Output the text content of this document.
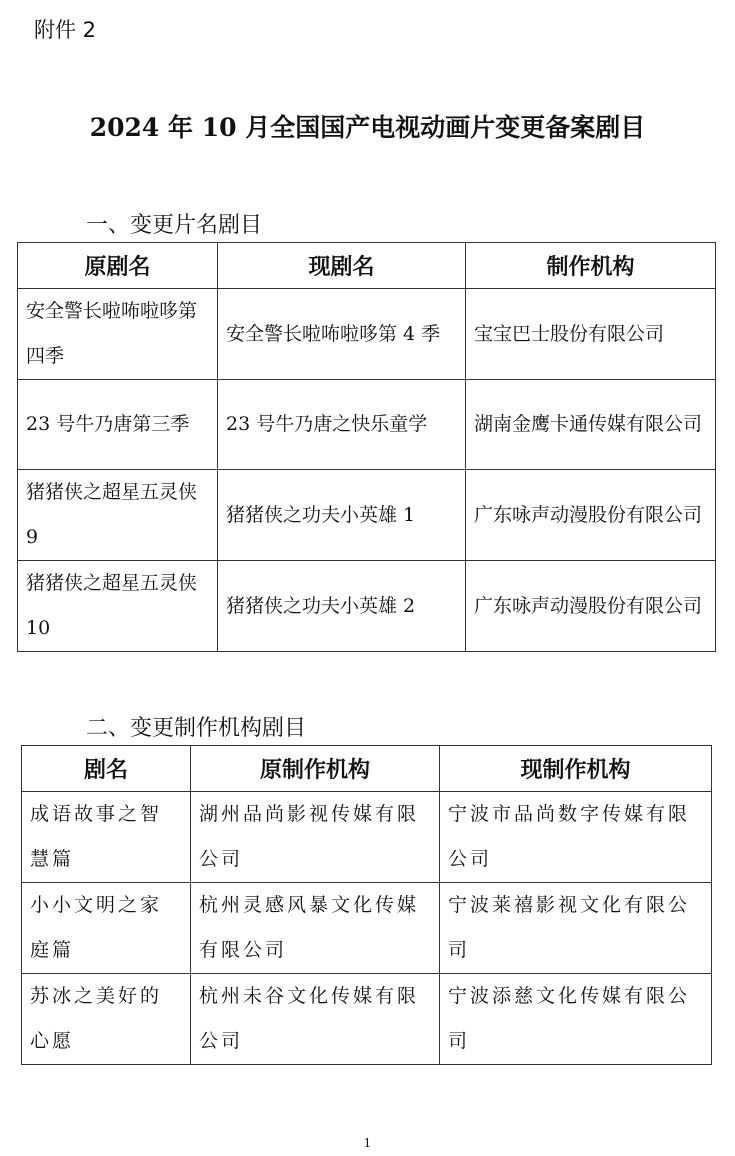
附件 2
2024 年 10 月全国国产电视动画片变更备案剧目
一、变更片名剧目
原剧名	现剧名	制作机构
安全警长啦咘啦哆第四季	安全警长啦咘啦哆第 4 季	宝宝巴士股份有限公司
23 号牛乃唐第三季	23 号牛乃唐之快乐童学	湖南金鹰卡通传媒有限公司
猪猪侠之超星五灵侠 9	猪猪侠之功夫小英雄 1	广东咏声动漫股份有限公司
猪猪侠之超星五灵侠 10	猪猪侠之功夫小英雄 2	广东咏声动漫股份有限公司
二、变更制作机构剧目
剧名	原制作机构	现制作机构
成语故事之智慧篇	湖州品尚影视传媒有限公司	宁波市品尚数字传媒有限公司
小小文明之家庭篇	杭州灵感风暴文化传媒有限公司	宁波莱禧影视文化有限公司
苏冰之美好的心愿	杭州未谷文化传媒有限公司	宁波添慈文化传媒有限公司
1
